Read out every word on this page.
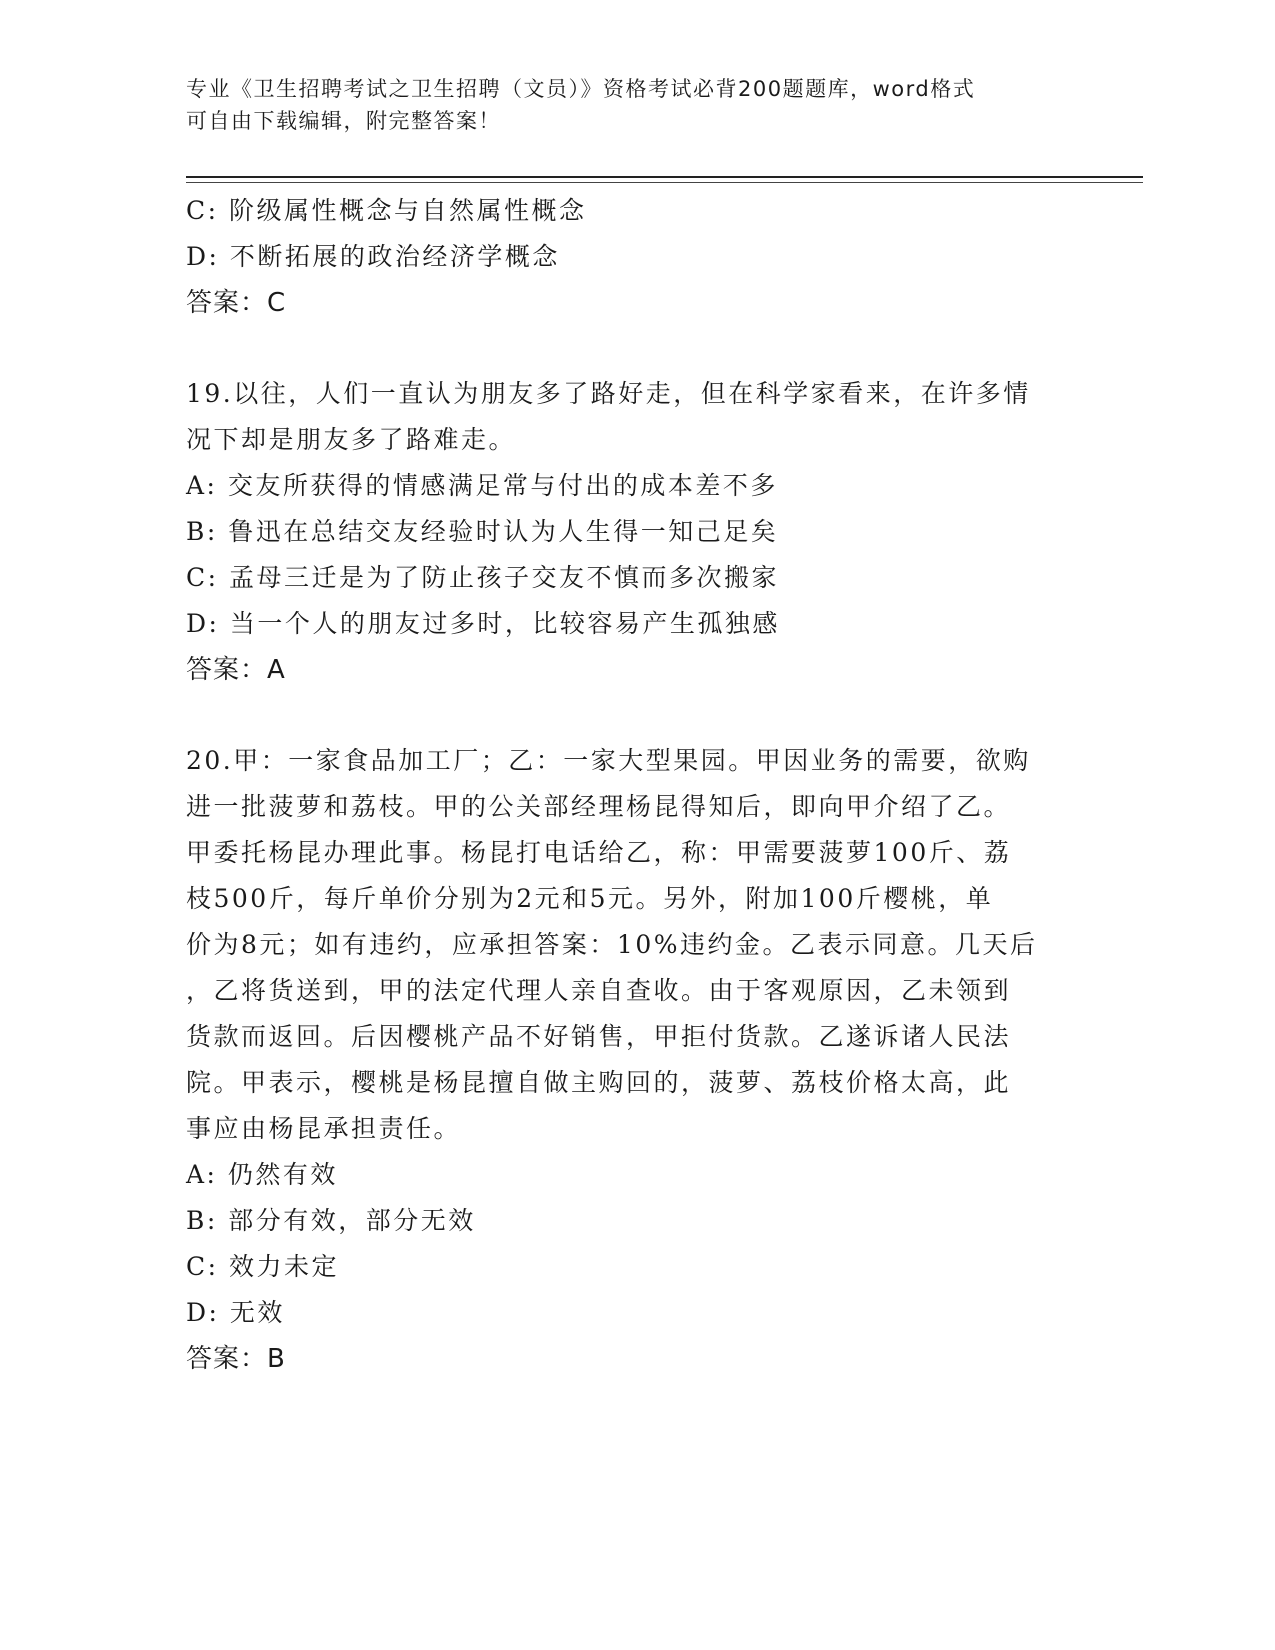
专业《卫生招聘考试之卫生招聘（文员）》资格考试必背200题题库，word格式
可自由下载编辑，附完整答案！
C: 阶级属性概念与自然属性概念
D: 不断拓展的政治经济学概念
答案：C
19.以往，人们一直认为朋友多了路好走，但在科学家看来，在许多情
况下却是朋友多了路难走。
A: 交友所获得的情感满足常与付出的成本差不多
B: 鲁迅在总结交友经验时认为人生得一知己足矣
C: 孟母三迁是为了防止孩子交友不慎而多次搬家
D: 当一个人的朋友过多时，比较容易产生孤独感
答案：A
20.甲：一家食品加工厂；乙：一家大型果园。甲因业务的需要，欲购
进一批菠萝和荔枝。甲的公关部经理杨昆得知后，即向甲介绍了乙。
甲委托杨昆办理此事。杨昆打电话给乙，称：甲需要菠萝100斤、荔
枝500斤，每斤单价分别为2元和5元。另外，附加100斤樱桃，单
价为8元；如有违约，应承担答案：10%违约金。乙表示同意。几天后
，乙将货送到，甲的法定代理人亲自查收。由于客观原因，乙未领到
货款而返回。后因樱桃产品不好销售，甲拒付货款。乙遂诉诸人民法
院。甲表示，樱桃是杨昆擅自做主购回的，菠萝、荔枝价格太高，此
事应由杨昆承担责任。
A: 仍然有效
B: 部分有效，部分无效
C: 效力未定
D: 无效
答案：B
